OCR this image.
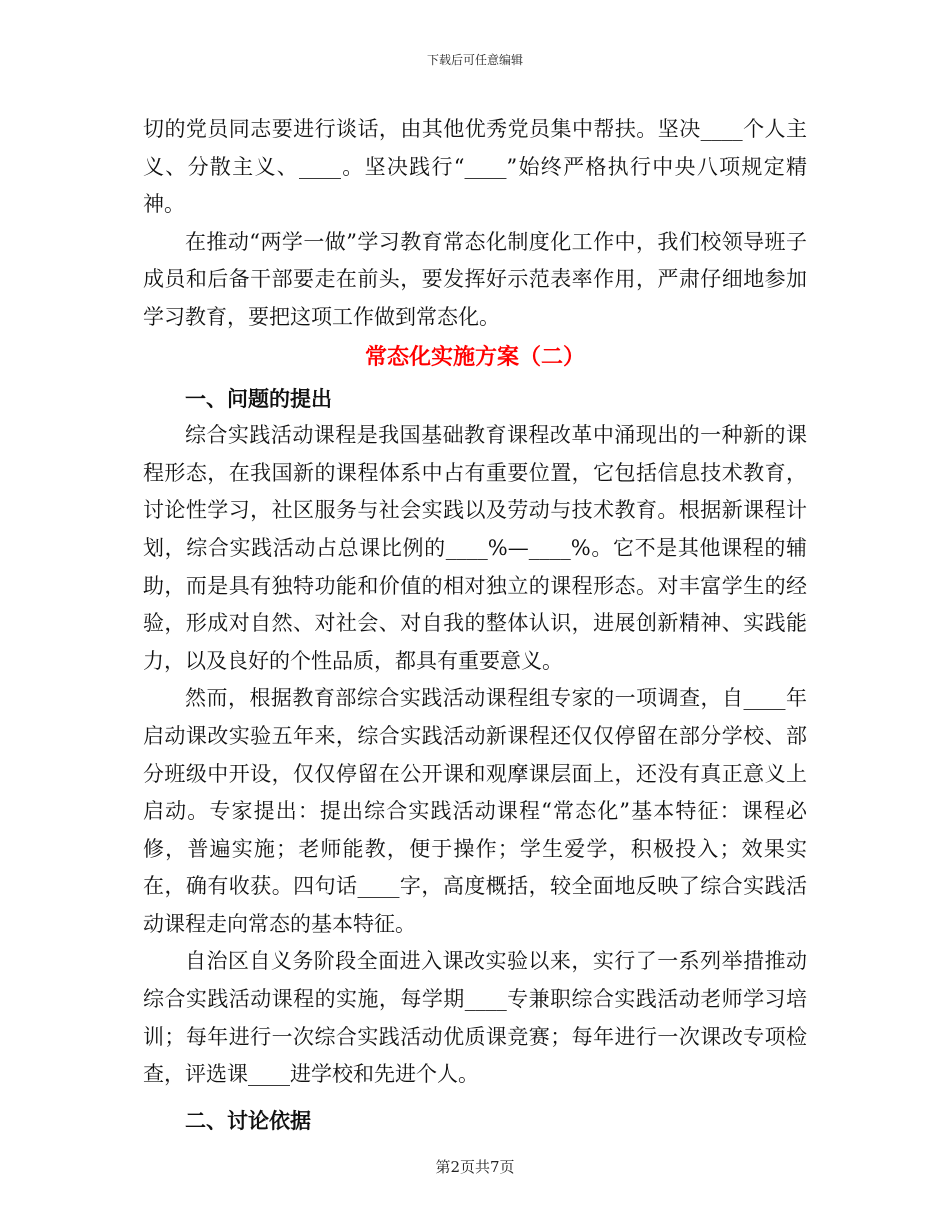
下载后可任意编辑

切的党员同志要进行谈话，由其他优秀党员集中帮扶。坚决____个人主义、分散主义、____。坚决践行“____”始终严格执行中央八项规定精神。

在推动“两学一做”学习教育常态化制度化工作中，我们校领导班子成员和后备干部要走在前头，要发挥好示范表率作用，严肃仔细地参加学习教育，要把这项工作做到常态化。

常态化实施方案（二）

一、问题的提出

综合实践活动课程是我国基础教育课程改革中涌现出的一种新的课程形态，在我国新的课程体系中占有重要位置，它包括信息技术教育，讨论性学习，社区服务与社会实践以及劳动与技术教育。根据新课程计划，综合实践活动占总课比例的____%—____%。它不是其他课程的辅助，而是具有独特功能和价值的相对独立的课程形态。对丰富学生的经验，形成对自然、对社会、对自我的整体认识，进展创新精神、实践能力，以及良好的个性品质，都具有重要意义。

然而，根据教育部综合实践活动课程组专家的一项调查，自____年启动课改实验五年来，综合实践活动新课程还仅仅停留在部分学校、部分班级中开设，仅仅停留在公开课和观摩课层面上，还没有真正意义上启动。专家提出：提出综合实践活动课程“常态化”基本特征：课程必修，普遍实施；老师能教，便于操作；学生爱学，积极投入；效果实在，确有收获。四句话____字，高度概括，较全面地反映了综合实践活动课程走向常态的基本特征。

自治区自义务阶段全面进入课改实验以来，实行了一系列举措推动综合实践活动课程的实施，每学期____专兼职综合实践活动老师学习培训；每年进行一次综合实践活动优质课竞赛；每年进行一次课改专项检查，评选课____进学校和先进个人。

二、讨论依据

第2页共7页
